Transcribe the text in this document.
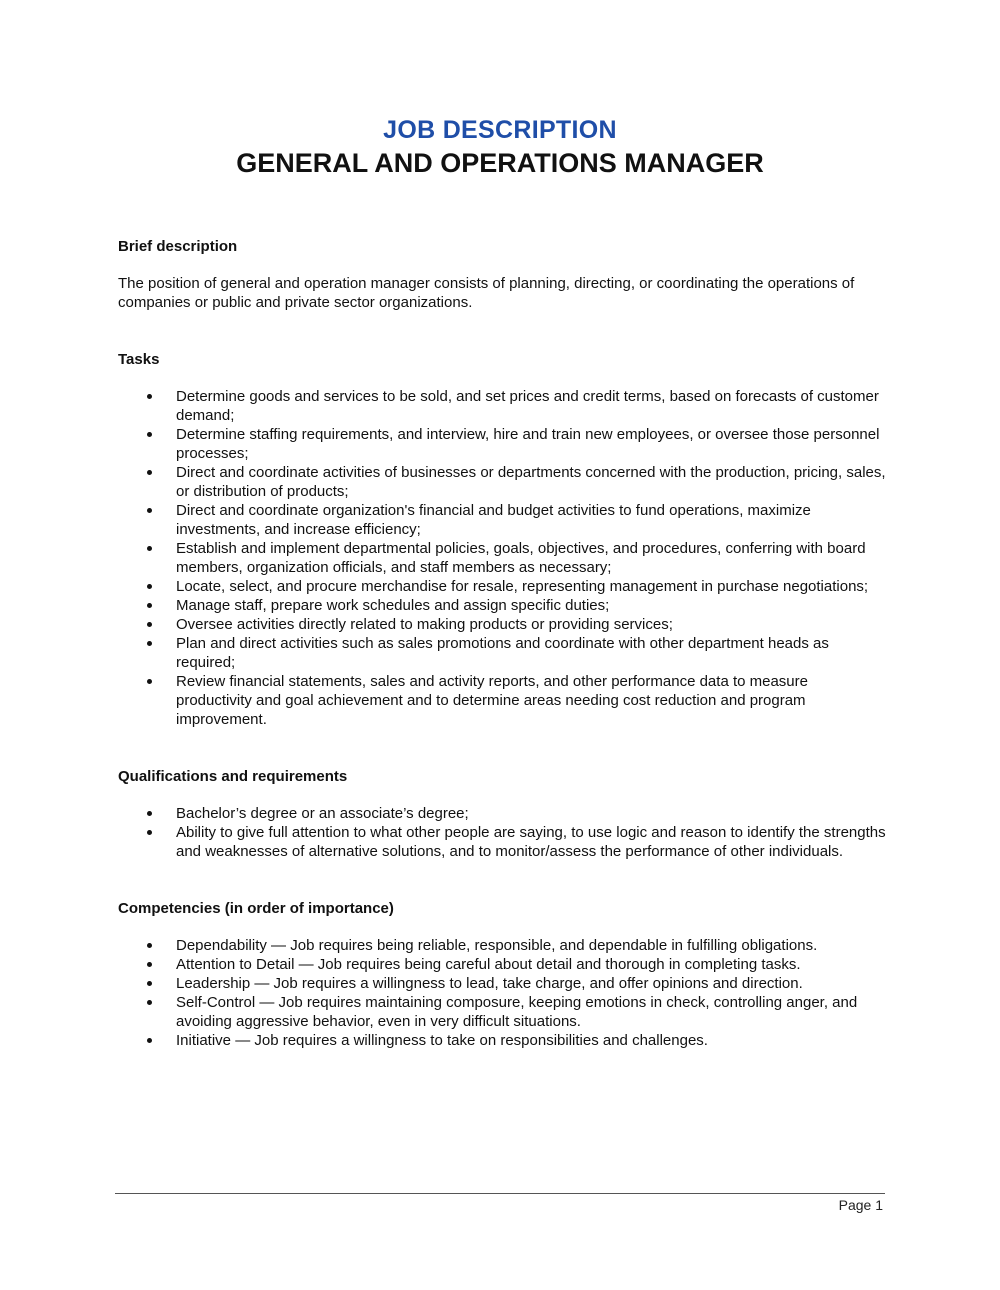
JOB DESCRIPTION
GENERAL AND OPERATIONS MANAGER

Brief description

The position of general and operation manager consists of planning, directing, or coordinating the operations of companies or public and private sector organizations.

Tasks

Determine goods and services to be sold, and set prices and credit terms, based on forecasts of customer demand;
Determine staffing requirements, and interview, hire and train new employees, or oversee those personnel processes;
Direct and coordinate activities of businesses or departments concerned with the production, pricing, sales, or distribution of products;
Direct and coordinate organization's financial and budget activities to fund operations, maximize investments, and increase efficiency;
Establish and implement departmental policies, goals, objectives, and procedures, conferring with board members, organization officials, and staff members as necessary;
Locate, select, and procure merchandise for resale, representing management in purchase negotiations;
Manage staff, prepare work schedules and assign specific duties;
Oversee activities directly related to making products or providing services;
Plan and direct activities such as sales promotions and coordinate with other department heads as required;
Review financial statements, sales and activity reports, and other performance data to measure productivity and goal achievement and to determine areas needing cost reduction and program improvement.

Qualifications and requirements

Bachelor’s degree or an associate’s degree;
Ability to give full attention to what other people are saying, to use logic and reason to identify the strengths and weaknesses of alternative solutions, and to monitor/assess the performance of other individuals.

Competencies (in order of importance)

Dependability — Job requires being reliable, responsible, and dependable in fulfilling obligations.
Attention to Detail — Job requires being careful about detail and thorough in completing tasks.
Leadership — Job requires a willingness to lead, take charge, and offer opinions and direction.
Self-Control — Job requires maintaining composure, keeping emotions in check, controlling anger, and avoiding aggressive behavior, even in very difficult situations.
Initiative — Job requires a willingness to take on responsibilities and challenges.
Page 1
